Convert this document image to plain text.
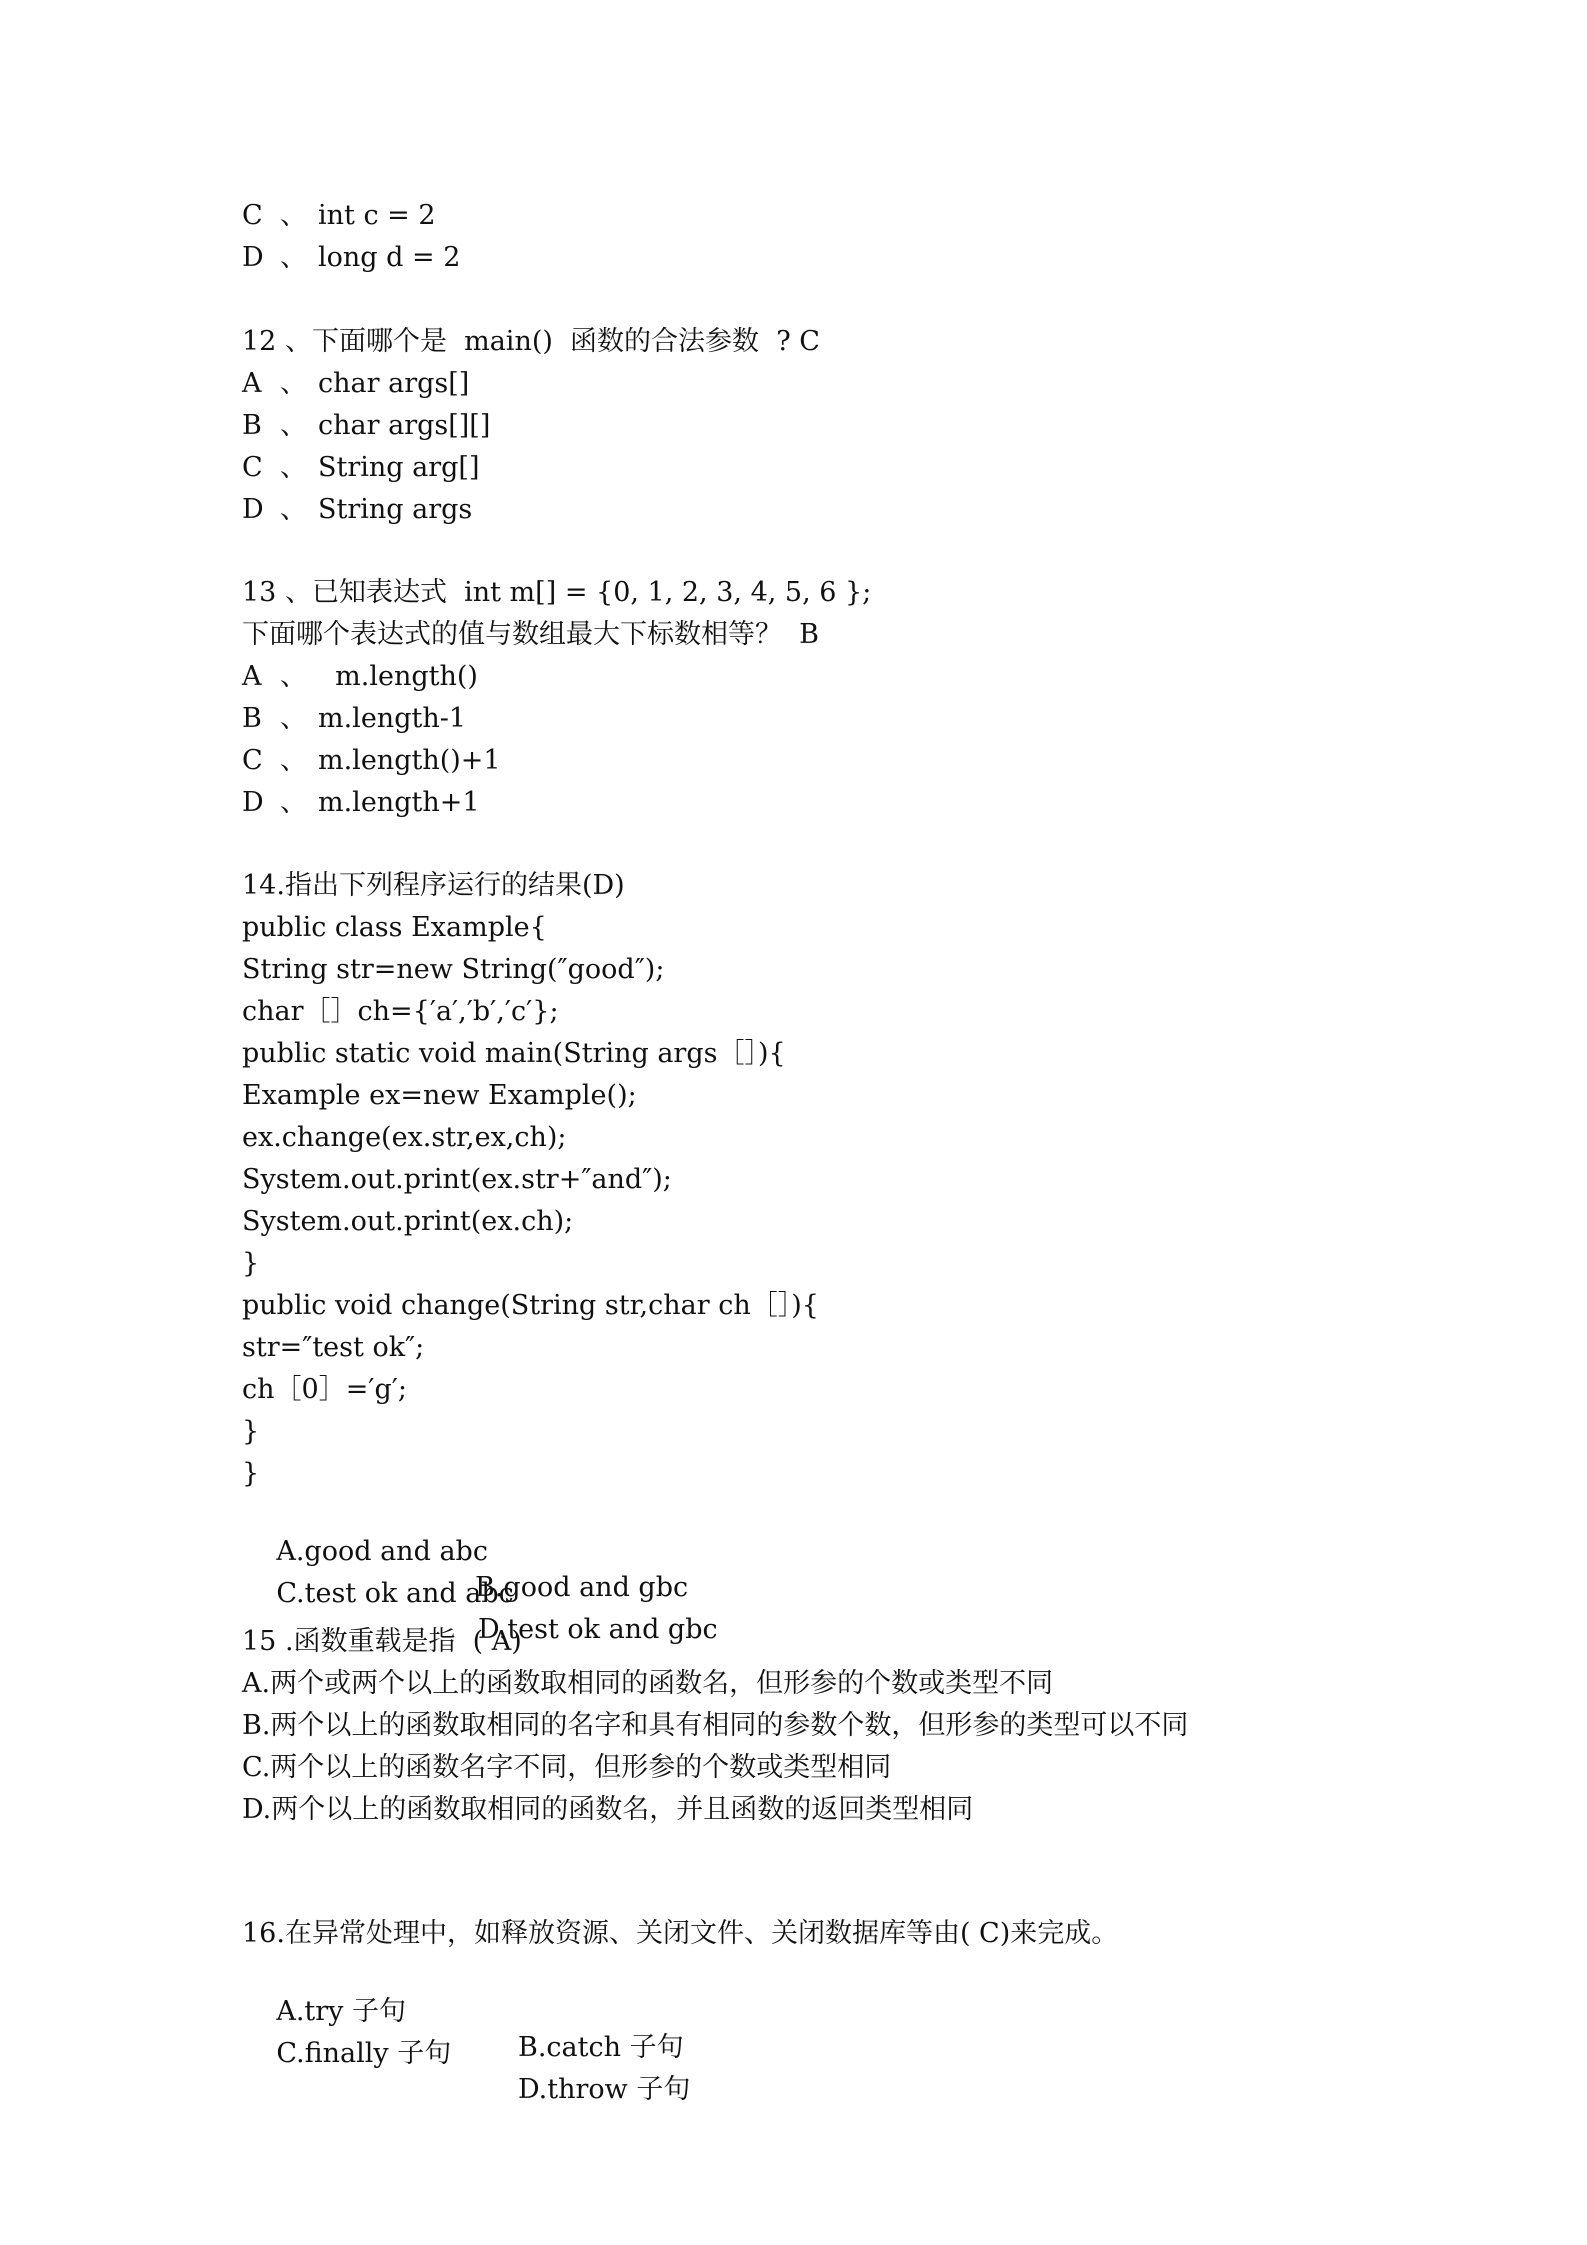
C 、 int c = 2
D 、 long d = 2
12 、下面哪个是  main()  函数的合法参数  ? C
A 、 char args[]
B 、 char args[][]
C 、 String arg[]
D 、 String args
13 、已知表达式  int m[] = {0, 1, 2, 3, 4, 5, 6 };
下面哪个表达式的值与数组最大下标数相等？  B
A 、  m.length()
B 、 m.length-1
C 、 m.length()+1
D 、 m.length+1
14.指出下列程序运行的结果(D)
public class Example{
String str=new String(″good″);
char［］ch={′a′,′b′,′c′};
public static void main(String args［］){
Example ex=new Example();
ex.change(ex.str,ex,ch);
System.out.print(ex.str+″and″);
System.out.print(ex.ch);
}
public void change(String str,char ch［］){
str=″test ok″;
ch［0］=′g′;
}
}

A.good and abc

B.good and gbc

C.test ok and abc

D.test ok and gbc

15 .函数重载是指  ( A)
A.两个或两个以上的函数取相同的函数名，但形参的个数或类型不同
B.两个以上的函数取相同的名字和具有相同的参数个数，但形参的类型可以不同
C.两个以上的函数名字不同，但形参的个数或类型相同
D.两个以上的函数取相同的函数名，并且函数的返回类型相同
16.在异常处理中，如释放资源、关闭文件、关闭数据库等由( C)来完成。

A.try 子句

B.catch 子句

C.finally 子句

D.throw 子句
